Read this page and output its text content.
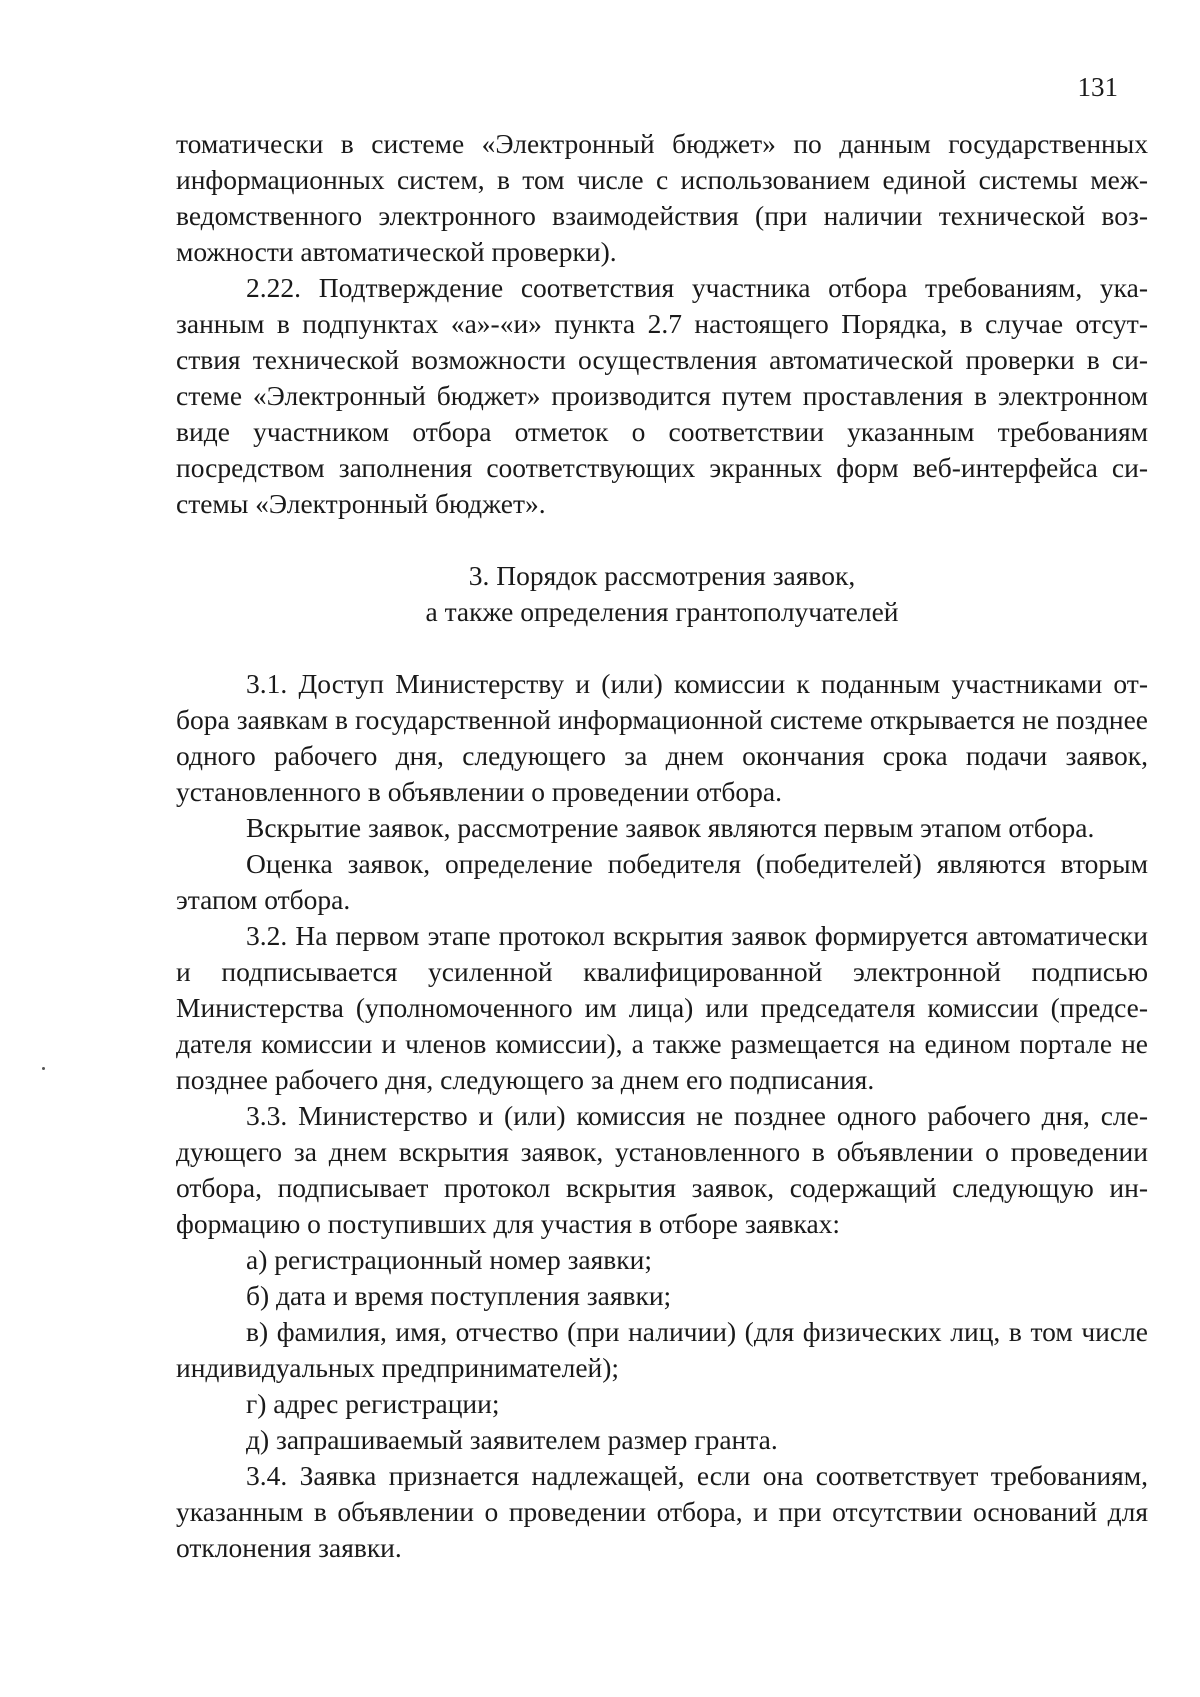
131

томатически в системе «Электронный бюджет» по данным государственных информационных систем, в том числе с использованием единой системы межведомственного электронного взаимодействия (при наличии технической возможности автоматической проверки).

2.22. Подтверждение соответствия участника отбора требованиям, указанным в подпунктах «а»-«и» пункта 2.7 настоящего Порядка, в случае отсутствия технической возможности осуществления автоматической проверки в системе «Электронный бюджет» производится путем проставления в электронном виде участником отбора отметок о соответствии указанным требованиям посредством заполнения соответствующих экранных форм веб-интерфейса системы «Электронный бюджет».

3. Порядок рассмотрения заявок,
а также определения грантополучателей

3.1. Доступ Министерству и (или) комиссии к поданным участниками отбора заявкам в государственной информационной системе открывается не позднее одного рабочего дня, следующего за днем окончания срока подачи заявок, установленного в объявлении о проведении отбора.

Вскрытие заявок, рассмотрение заявок являются первым этапом отбора.

Оценка заявок, определение победителя (победителей) являются вторым этапом отбора.

3.2. На первом этапе протокол вскрытия заявок формируется автоматически и подписывается усиленной квалифицированной электронной подписью Министерства (уполномоченного им лица) или председателя комиссии (председателя комиссии и членов комиссии), а также размещается на едином портале не позднее рабочего дня, следующего за днем его подписания.

3.3. Министерство и (или) комиссия не позднее одного рабочего дня, следующего за днем вскрытия заявок, установленного в объявлении о проведении отбора, подписывает протокол вскрытия заявок, содержащий следующую информацию о поступивших для участия в отборе заявках:

а) регистрационный номер заявки;

б) дата и время поступления заявки;

в) фамилия, имя, отчество (при наличии) (для физических лиц, в том числе индивидуальных предпринимателей);

г) адрес регистрации;

д) запрашиваемый заявителем размер гранта.

3.4. Заявка признается надлежащей, если она соответствует требованиям, указанным в объявлении о проведении отбора, и при отсутствии оснований для отклонения заявки.
